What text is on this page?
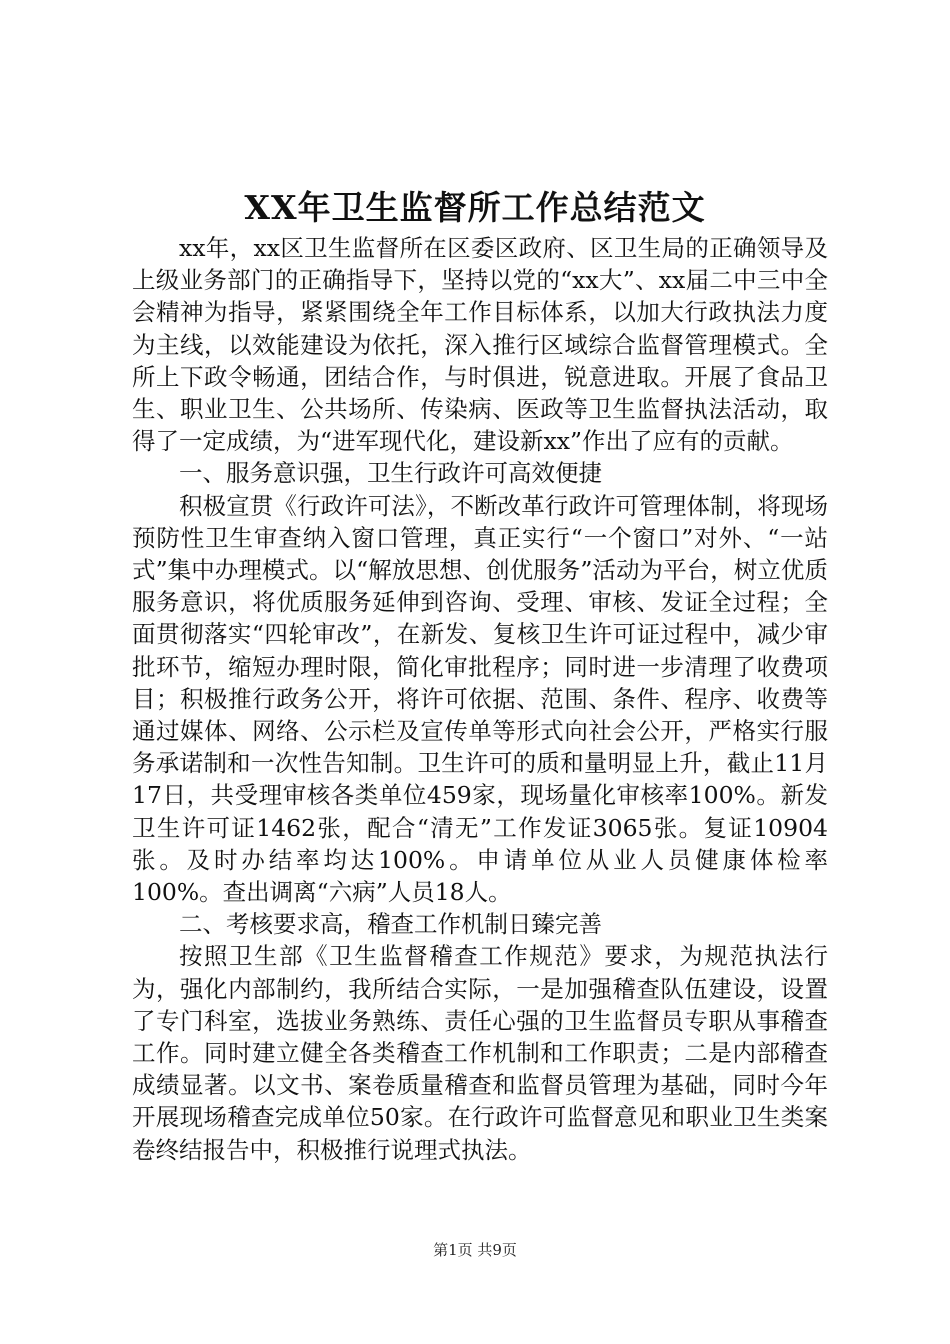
XX年卫生监督所工作总结范文

xx年，xx区卫生监督所在区委区政府、区卫生局的正确领导及上级业务部门的正确指导下，坚持以党的“xx大”、xx届二中三中全会精神为指导，紧紧围绕全年工作目标体系，以加大行政执法力度为主线，以效能建设为依托，深入推行区域综合监督管理模式。全所上下政令畅通，团结合作，与时俱进，锐意进取。开展了食品卫生、职业卫生、公共场所、传染病、医政等卫生监督执法活动，取得了一定成绩，为“进军现代化，建设新xx”作出了应有的贡献。

一、服务意识强，卫生行政许可高效便捷

积极宣贯《行政许可法》，不断改革行政许可管理体制，将现场预防性卫生审查纳入窗口管理，真正实行“一个窗口”对外、“一站式”集中办理模式。以“解放思想、创优服务”活动为平台，树立优质服务意识，将优质服务延伸到咨询、受理、审核、发证全过程；全面贯彻落实“四轮审改”，在新发、复核卫生许可证过程中，减少审批环节，缩短办理时限，简化审批程序；同时进一步清理了收费项目；积极推行政务公开，将许可依据、范围、条件、程序、收费等通过媒体、网络、公示栏及宣传单等形式向社会公开，严格实行服务承诺制和一次性告知制。卫生许可的质和量明显上升，截止11月17日，共受理审核各类单位459家，现场量化审核率100%。新发卫生许可证1462张，配合“清无”工作发证3065张。复证10904张。及时办结率均达100%。申请单位从业人员健康体检率100%。查出调离“六病”人员18人。

二、考核要求高，稽查工作机制日臻完善

按照卫生部《卫生监督稽查工作规范》要求，为规范执法行为，强化内部制约，我所结合实际，一是加强稽查队伍建设，设置了专门科室，选拔业务熟练、责任心强的卫生监督员专职从事稽查工作。同时建立健全各类稽查工作机制和工作职责；二是内部稽查成绩显著。以文书、案卷质量稽查和监督员管理为基础，同时今年开展现场稽查完成单位50家。在行政许可监督意见和职业卫生类案卷终结报告中，积极推行说理式执法。

第1页 共9页
